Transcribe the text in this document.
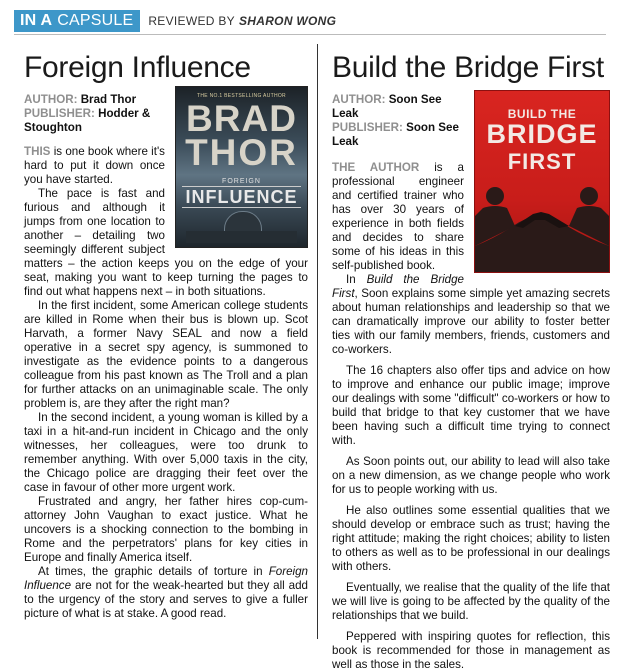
IN A CAPSULE REVIEWED BY SHARON WONG
Foreign Influence
THE NO.1 BESTSELLING AUTHOR
BRAD
THOR
FOREIGN
INFLUENCE
AUTHOR: Brad Thor
PUBLISHER: Hodder & Stoughton

THIS is one book where it's hard to put it down once you have started.

The pace is fast and furious and although it jumps from one location to another – detailing two seemingly different subject matters – the action keeps you on the edge of your seat, making you want to keep turning the pages to find out what happens next – in both situations.

In the first incident, some American college students are killed in Rome when their bus is blown up. Scot Harvath, a former Navy SEAL and now a field operative in a secret spy agency, is summoned to investigate as the evidence points to a dangerous colleague from his past known as The Troll and a plan for further attacks on an unimaginable scale. The only problem is, are they after the right man?

In the second incident, a young woman is killed by a taxi in a hit-and-run incident in Chicago and the only witnesses, her colleagues, were too drunk to remember anything. With over 5,000 taxis in the city, the Chicago police are dragging their feet over the case in favour of other more urgent work.

Frustrated and angry, her father hires cop-cum-attorney John Vaughan to exact justice. What he uncovers is a shocking connection to the bombing in Rome and the perpetrators' plans for key cities in Europe and finally America itself.

At times, the graphic details of torture in Foreign Influence are not for the weak-hearted but they all add to the urgency of the story and serves to give a fuller picture of what is at stake. A good read.

Build the Bridge First
BUILD THE
BRIDGE
FIRST
AUTHOR: Soon See Leak
PUBLISHER: Soon See Leak

THE AUTHOR is a professional engineer and certified trainer who has over 30 years of experience in both fields and decides to share some of his ideas in this self-published book.

In Build the Bridge First, Soon explains some simple yet amazing secrets about human relationships and leadership so that we can dramatically improve our ability to foster better ties with our family members, friends, customers and co-workers.

The 16 chapters also offer tips and advice on how to improve and enhance our public image; improve our dealings with some "difficult" co-workers or how to build that bridge to that key customer that we have been having such a difficult time trying to connect with.

As Soon points out, our ability to lead will also take on a new dimension, as we change people who work for us to people working with us.

He also outlines some essential qualities that we should develop or embrace such as trust; having the right attitude; making the right choices; ability to listen to others as well as to be professional in our dealings with others.

Eventually, we realise that the quality of the life that we will live is going to be affected by the quality of the relationships that we build.

Peppered with inspiring quotes for reflection, this book is recommended for those in management as well as those in the sales.
